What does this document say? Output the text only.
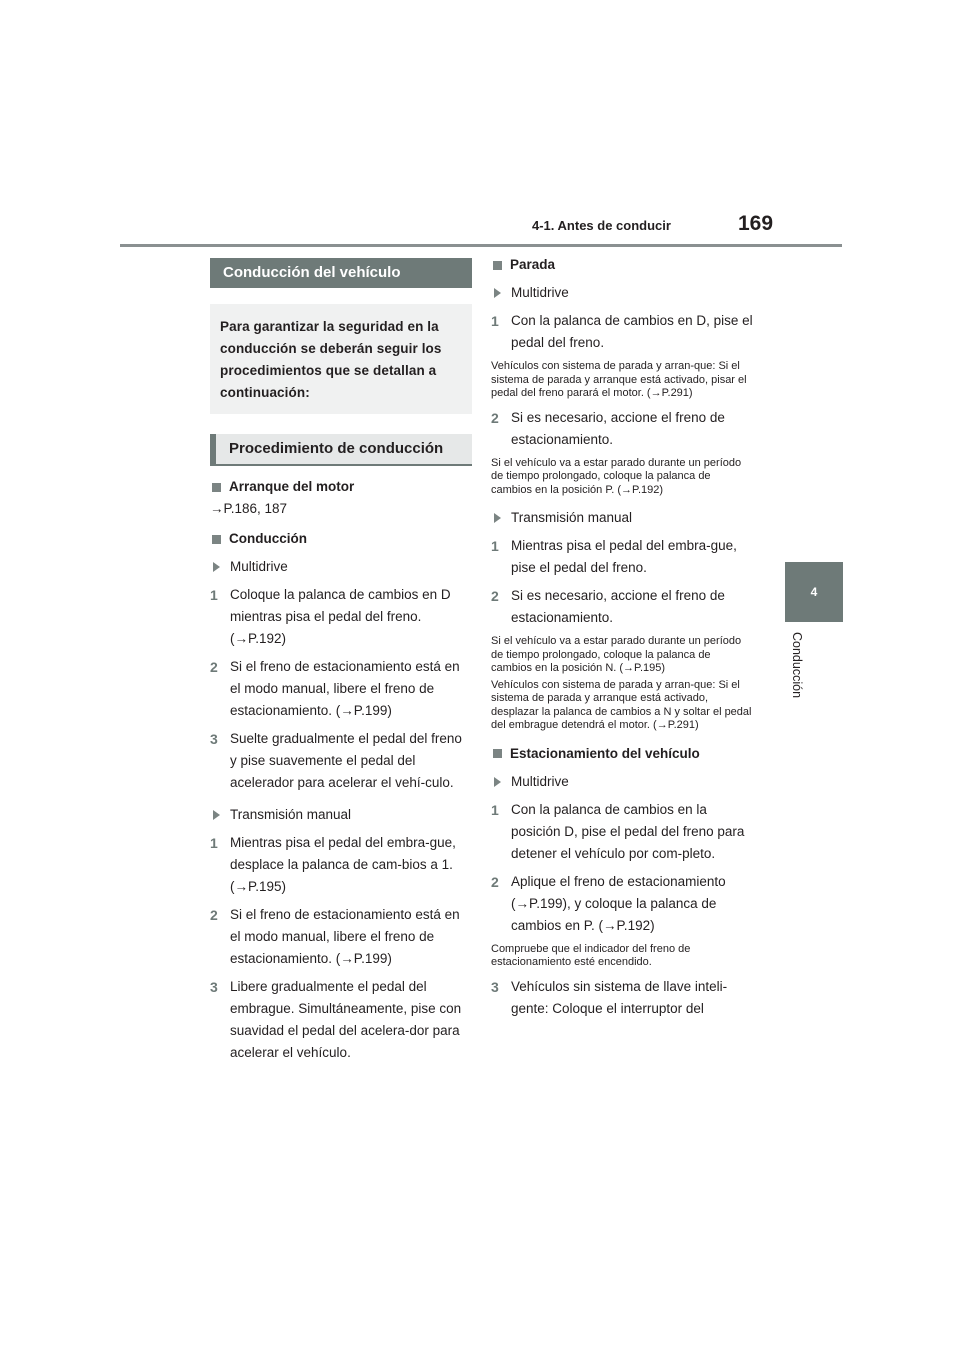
4-1. Antes de conducir	169
4
Conducción
Conducción del vehículo
Para garantizar la seguridad en la conducción se deberán seguir los procedimientos que se detallan a continuación:
Procedimiento de conducción
Arranque del motor
→P.186, 187
Conducción
Multidrive
1 Coloque la palanca de cambios en D mientras pisa el pedal del freno. (→P.192)
2 Si el freno de estacionamiento está en el modo manual, libere el freno de estacionamiento. (→P.199)
3 Suelte gradualmente el pedal del freno y pise suavemente el pedal del acelerador para acelerar el vehí-culo.
Transmisión manual
1 Mientras pisa el pedal del embra-gue, desplace la palanca de cam-bios a 1. (→P.195)
2 Si el freno de estacionamiento está en el modo manual, libere el freno de estacionamiento. (→P.199)
3 Libere gradualmente el pedal del embrague. Simultáneamente, pise con suavidad el pedal del acelera-dor para acelerar el vehículo.
Parada
Multidrive
1 Con la palanca de cambios en D, pise el pedal del freno.
Vehículos con sistema de parada y arran-que: Si el sistema de parada y arranque está activado, pisar el pedal del freno parará el motor. (→P.291)
2 Si es necesario, accione el freno de estacionamiento.
Si el vehículo va a estar parado durante un período de tiempo prolongado, coloque la palanca de cambios en la posición P. (→P.192)
Transmisión manual
1 Mientras pisa el pedal del embra-gue, pise el pedal del freno.
2 Si es necesario, accione el freno de estacionamiento.
Si el vehículo va a estar parado durante un período de tiempo prolongado, coloque la palanca de cambios en la posición N. (→P.195)
Vehículos con sistema de parada y arran-que: Si el sistema de parada y arranque está activado, desplazar la palanca de cambios a N y soltar el pedal del embrague detendrá el motor. (→P.291)
Estacionamiento del vehículo
Multidrive
1 Con la palanca de cambios en la posición D, pise el pedal del freno para detener el vehículo por com-pleto.
2 Aplique el freno de estacionamiento (→P.199), y coloque la palanca de cambios en P. (→P.192)
Compruebe que el indicador del freno de estacionamiento esté encendido.
3 Vehículos sin sistema de llave inteli-gente: Coloque el interruptor del
